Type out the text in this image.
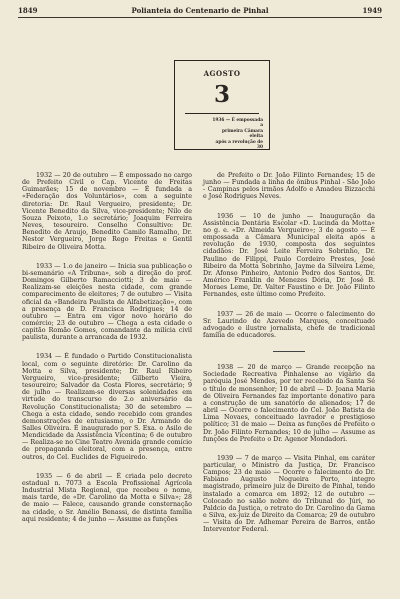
1849	Polianteia do Centenario de Pinhal	1949
AGOSTO
3
1936 — É empossada a
primeira Câmara eleita
após a revolução de 30

1932 — 20 de outubro — É empossado no cargo de Prefeito Civil o Cap. Vicente de Freitas Guimarães; 15 de novembro — É fundada a «Federação dos Voluntários», com a seguinte diretoria: Dr. Raul Vergueiro, presidente; Dr. Vicente Benedito da Silva, vice-presidente; Nilo de Souza Peixoto, 1.o secretário; Joaquim Ferreira Neves, tesoureiro. Conselho Consultivo: Dr. Benedito de Araujo, Benedito Camilo Ramalho, Dr. Nestor Vergueiro, Jorge Rego Freitas e Gentil Ribeiro de Oliveira Motta.

1933 — 1.o de janeiro — Inicia sua publicação o bi-semanário «A Tribuna», sob a direção do prof. Domingos Gilberto Ramacciotti; 3 de maio — Realizam-se eleições nesta cidade, com grande comparecimento de eleitores; 7 de outubro — Visita oficial da «Bandeira Paulista de Alfabetização», com a presença de D. Francisca Rodrigues; 14 de outubro — Entra em vigor novo horário do comércio; 23 de outubro — Chega a esta cidade o capitão Romão Gomes, comandante da milícia civil paulista, durante a arrancada de 1932.

1934 — É fundado o Partido Constitucionalista local, com o seguinte diretório: Dr. Carolino da Motta e Silva, presidente; Dr. Raul Ribeiro Vergueiro, vice-presidente; Gilberto Vieira, tesoureiro; Salvador da Costa Flores, secretário; 9 de julho — Realizam-se diversas solenidades em virtude do transcurso do 2.o aniversário da Revolução Constitucionalista; 30 de setembro — Chega a esta cidade, sendo recebido com grandes demonstrações de entusiasmo, o Dr. Armando de Salles Oliveira. É inaugurado por S. Exa. o Asilo de Mendicidade da Assistência Vicentina; 6 de outubro — Realiza-se no Cine Teatro Avenida grande comício de propaganda eleitoral, com a presença, entre outros, do Cel. Euclides de Figueiredo.

1935 — 6 de abril — É criada pelo decreto estadual n. 7073 a Escola Profissional Agrícola Industrial Mista Regional, que recebeu o nome, mais tarde, de «Dr. Carolino da Motta e Silva»; 28 de maio — Falece, causando grande consternação na cidade, o Sr. Amélio Benassi, de distinta família aqui residente; 4 de junho — Assume as funções

de Prefeito o Dr. João Filinto Fernandes; 15 de junho — Fundada a linha de ônibus Pinhal - São João - Campinas pelos irmãos Adolfo e Amadeu Bizzacchi e José Rodrigues Neves.

1936 — 10 de junho — Inauguração da Assistência Dentária Escolar «D. Lucinda da Motta» no g. e. «Dr. Almeida Vergueiro»; 3 de agosto — É empossada a Câmara Municipal eleita após a revolução de 1930, composta dos seguintes cidadãos: Dr. José Leite Ferreira Sobrinho, Dr. Paulino de Filippi, Paulo Cordeiro Prestes, José Ribeiro da Motta Sobrinho, Jayme da Silveira Leme, Dr. Afonso Pinheiro, Antonio Pedro dos Santos, Dr. Américo Franklin de Menezes Dória, Dr. José B. Moraes Leme, Dr. Valter Faustino e Dr. João Filinto Fernandes, este último como Prefeito.

1937 — 26 de maio — Ocorre o falecimento do Sr. Laurindo de Azevedo Marques, conceituado advogado e ilustre jornalista, chefe de tradicional família de educadores.

1938 — 20 de março — Grande recepção na Sociedade Recreativa Pinhalense ao vigário da paróquia José Mendes, por ter recebido da Santa Sé o título de monsenhor; 10 de abril — D. Joana Maria de Oliveira Fernandes faz importante donativo para a construção de um sanatório de alienados; 17 de abril — Ocorre o falecimento do Cel. João Batista de Lima Novaes, conceituado lavrador e prestigioso político; 31 de maio — Deixa as funções de Prefeito o Dr. João Filinto Fernandes; 10 de julho — Assume as funções de Prefeito o Dr. Agenor Mondadori.

1939 — 7 de março — Visita Pinhal, em caráter particular, o Ministro da Justiça, Dr. Francisco Campos; 23 de maio — Ocorre o falecimento do Dr. Fabiano Augusto Nogueira Porto, integro magistrado, primeiro juiz de Direito de Pinhal, tendo instalado a comarca em 1892; 12 de outubro — Colocado no salão nobre do Tribunal do Júri, no Paldcio da Justiça, o retrato do Dr. Carolino da Gama e Silva, ex-juiz de Direito da Comarca; 29 de outubro — Visita do Dr. Adhemar Pereira de Barros, então Interventor Federal.
